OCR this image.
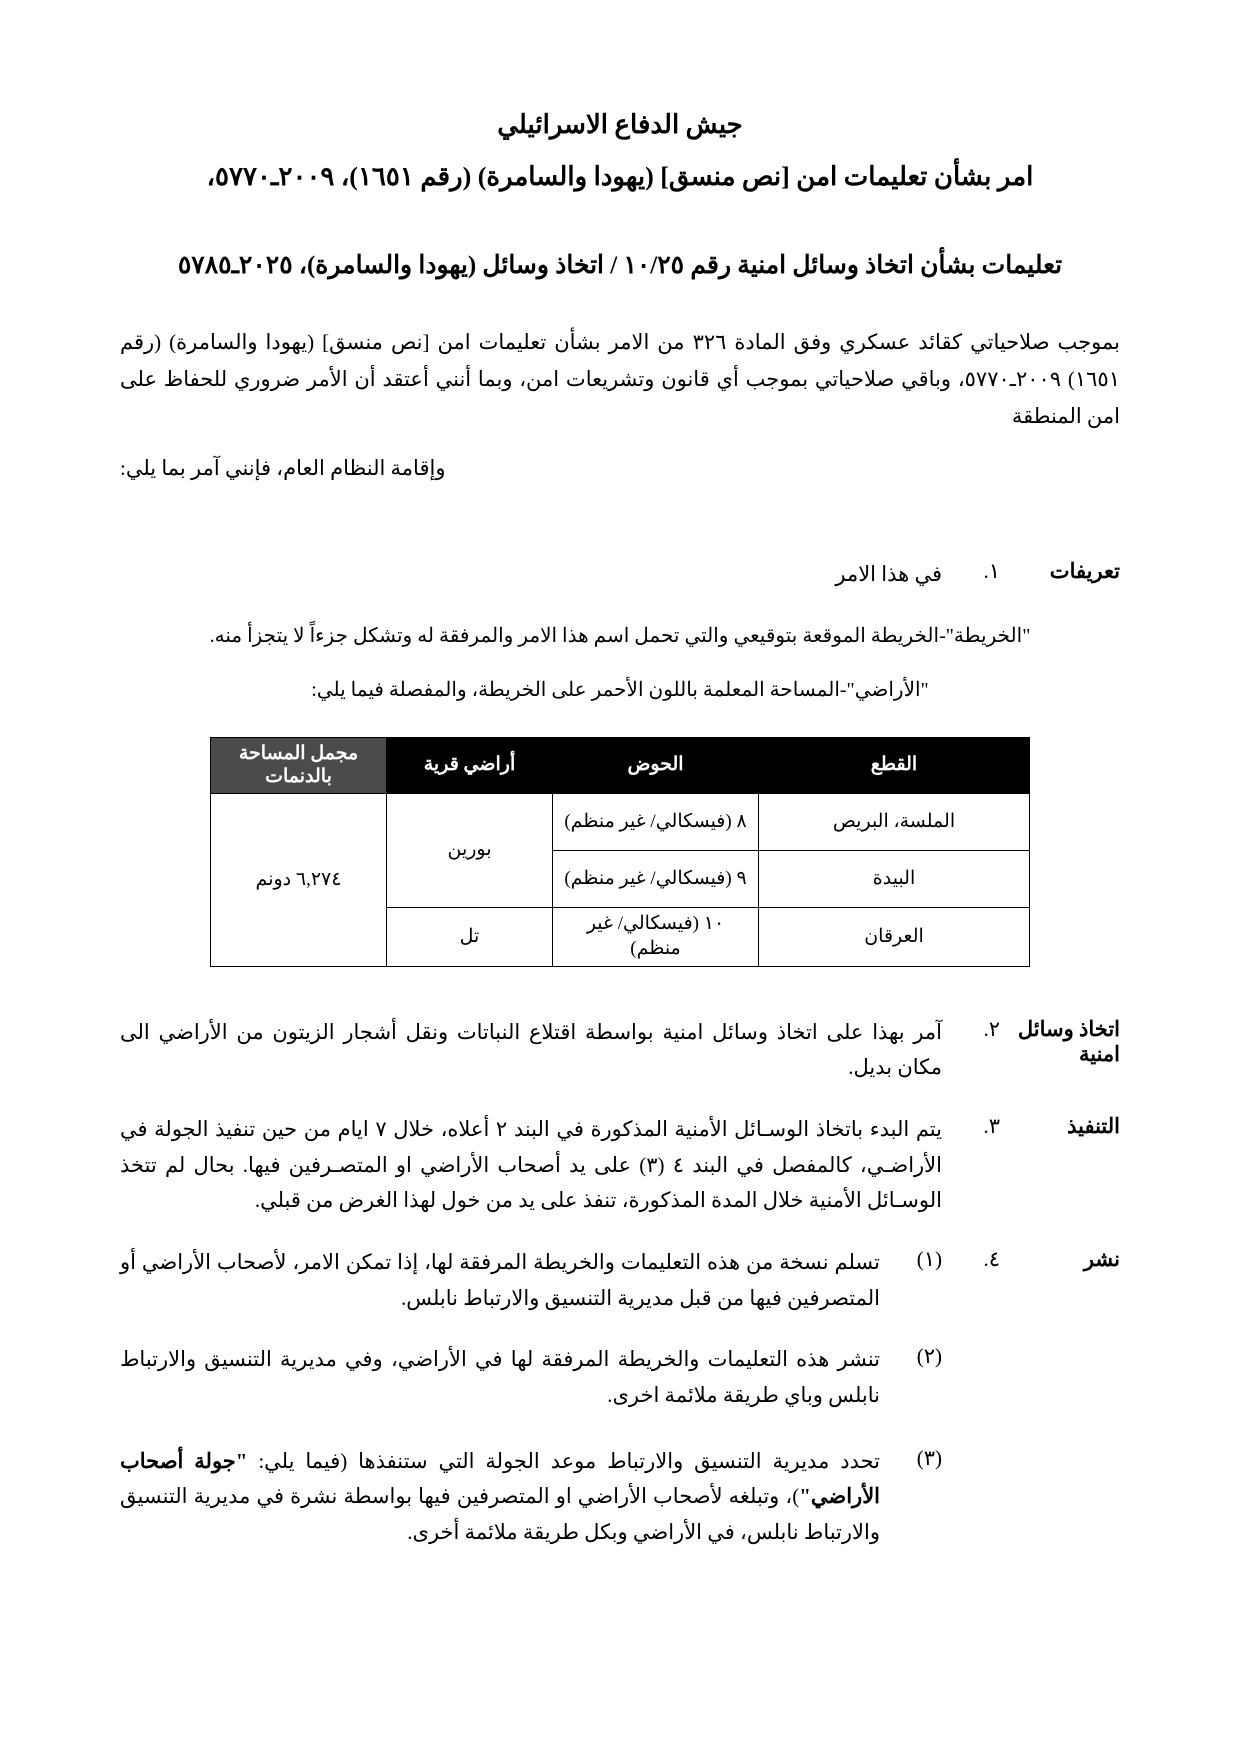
جيش الدفاع الاسرائيلي
امر بشأن تعليمات امن [نص منسق] (يهودا والسامرة) (رقم ١٦٥١)، ٢٠٠٩ـ٥٧٧٠،
تعليمات بشأن اتخاذ وسائل امنية رقم ١٠/٢٥ / اتخاذ وسائل (يهودا والسامرة)، ٢٠٢٥ـ٥٧٨٥
بموجب صلاحياتي كقائد عسكري وفق المادة ٣٢٦ من الامر بشأن تعليمات امن [نص منسق] (يهودا والسامرة) (رقم ١٦٥١) ٢٠٠٩ـ٥٧٧٠، وباقي صلاحياتي بموجب أي قانون وتشريعات امن، وبما أنني أعتقد أن الأمر ضروري للحفاظ على امن المنطقة
وإقامة النظام العام، فإنني آمر بما يلي:
تعريفات
١.
في هذا الامر
"الخريطة"-الخريطة الموقعة بتوقيعي والتي تحمل اسم هذا الامر والمرفقة له وتشكل جزءاً لا يتجزأ منه.
"الأراضي"-المساحة المعلمة باللون الأحمر على الخريطة، والمفصلة فيما يلي:
القطع	الحوض	أراضي قرية	مجمل المساحة
بالدنمات

الملسة، البريص	٨ (فيسكالي/ غير منظم)	بورين	٦,٢٧٤ دونم
البيدة	٩ (فيسكالي/ غير منظم)		
العرقان	١٠ (فيسكالي/ غير منظم)	تل	
اتخاذ وسائل امنية
٢.
آمر بهذا على اتخاذ وسائل امنية بواسطة اقتلاع النباتات ونقل أشجار الزيتون من الأراضي الى مكان بديل.
التنفيذ
٣.
يتم البدء باتخاذ الوسـائل الأمنية المذكورة في البند ٢ أعلاه، خلال ٧ ايام من حين تنفيذ الجولة في الأراضـي، كالمفصل في البند ٤ (٣) على يد أصحاب الأراضي او المتصـرفين فيها. بحال لم تتخذ الوسـائل الأمنية خلال المدة المذكورة، تنفذ على يد من خول لهذا الغرض من قبلي.
نشر
٤.
(١)
تسلم نسخة من هذه التعليمات والخريطة المرفقة لها، إذا تمكن الامر، لأصحاب الأراضي أو المتصرفين فيها من قبل مديرية التنسيق والارتباط نابلس.
(٢)
تنشر هذه التعليمات والخريطة المرفقة لها في الأراضي، وفي مديرية التنسيق والارتباط نابلس وباي طريقة ملائمة اخرى.
(٣)
تحدد مديرية التنسيق والارتباط موعد الجولة التي ستنفذها (فيما يلي: "جولة أصحاب الأراضي")، وتبلغه لأصحاب الأراضي او المتصرفين فيها بواسطة نشرة في مديرية التنسيق والارتباط نابلس، في الأراضي وبكل طريقة ملائمة أخرى.
